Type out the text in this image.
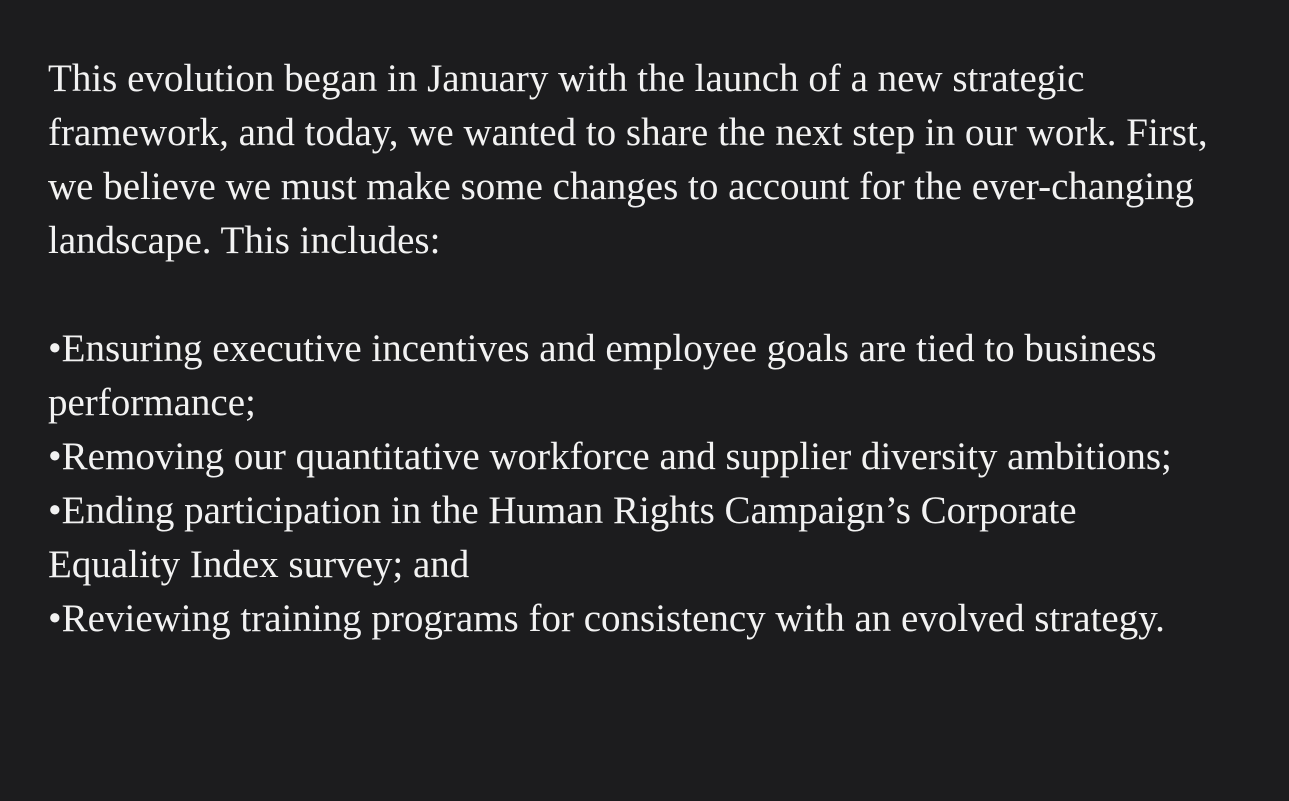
This evolution began in January with the launch of a new strategic framework, and today, we wanted to share the next step in our work. First, we believe we must make some changes to account for the ever-changing landscape. This includes:

•Ensuring executive incentives and employee goals are tied to business performance;
•Removing our quantitative workforce and supplier diversity ambitions;
•Ending participation in the Human Rights Campaign’s Corporate Equality Index survey; and
•Reviewing training programs for consistency with an evolved strategy.
